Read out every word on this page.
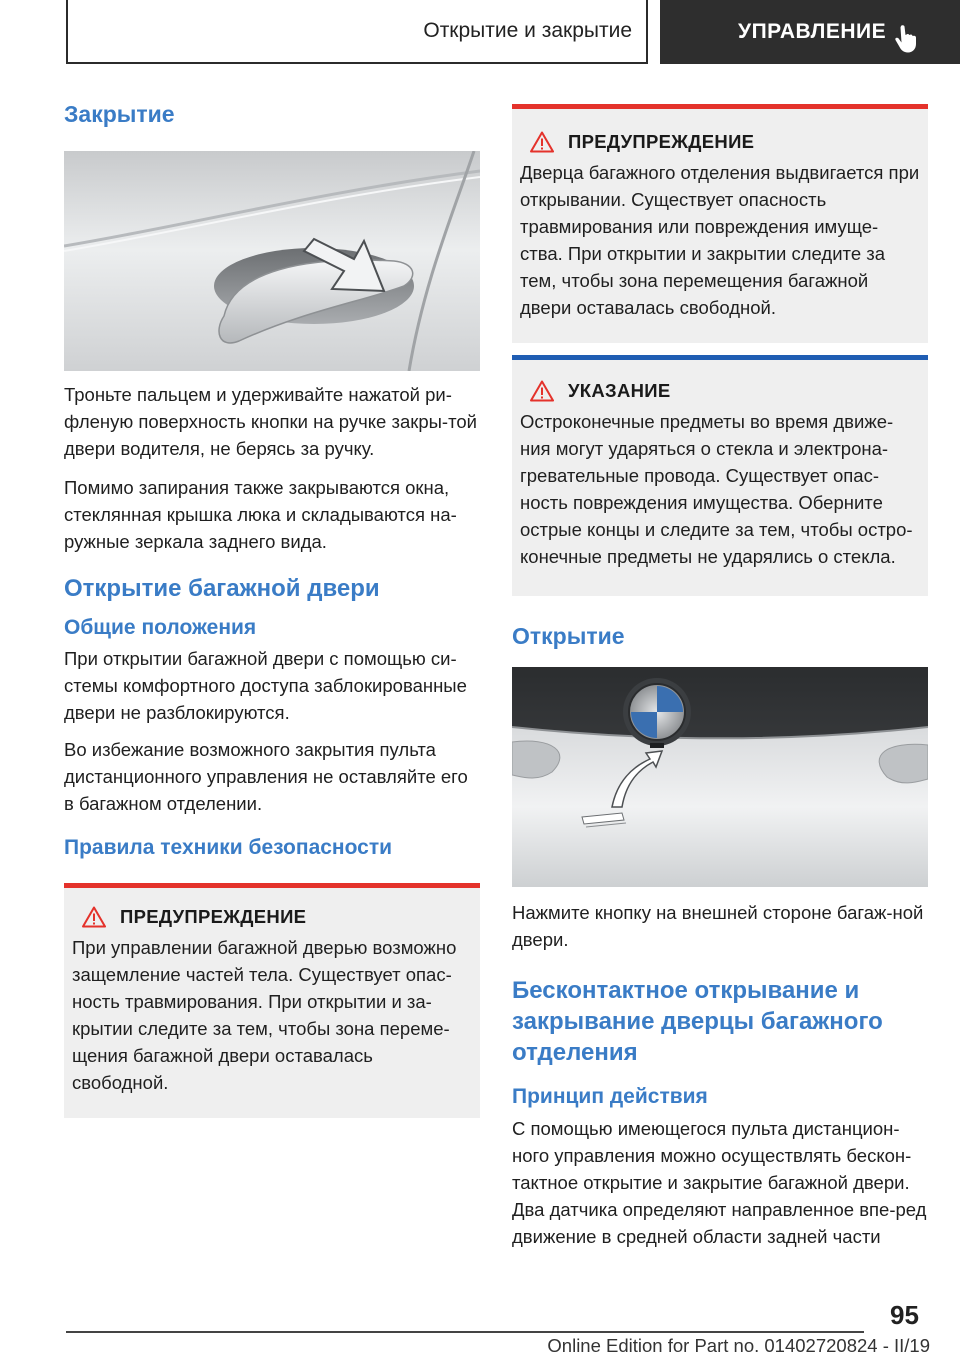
Открытие и закрытие	УПРАВЛЕНИЕ
Закрытие

Троньте пальцем и удерживайте нажатой ри-фленую поверхность кнопки на ручке закры-той двери водителя, не берясь за ручку.

Помимо запирания также закрываются окна, стеклянная крышка люка и складываются на-ружные зеркала заднего вида.

Открытие багажной двери
Общие положения

При открытии багажной двери с помощью си-стемы комфортного доступа заблокированные двери не разблокируются.

Во избежание возможного закрытия пульта дистанционного управления не оставляйте его в багажном отделении.

Правила техники безопасности
ПРЕДУПРЕЖДЕНИЕ

При управлении багажной дверью возможно защемление частей тела. Существует опас-ность травмирования. При открытии и за-крытии следите за тем, чтобы зона переме-щения багажной двери оставалась свободной.

ПРЕДУПРЕЖДЕНИЕ

Дверца багажного отделения выдвигается при открывании. Существует опасность травмирования или повреждения имуще-ства. При открытии и закрытии следите за тем, чтобы зона перемещения багажной двери оставалась свободной.

УКАЗАНИЕ

Остроконечные предметы во время движе-ния могут ударяться о стекла и электрона-гревательные провода. Существует опас-ность повреждения имущества. Оберните острые концы и следите за тем, чтобы остро-конечные предметы не ударялись о стекла.

Открытие

Нажмите кнопку на внешней стороне багаж-ной двери.

Бесконтактное открывание и закрывание дверцы багажного отделения
Принцип действия

С помощью имеющегося пульта дистанцион-ного управления можно осуществлять бескон-тактное открытие и закрытие багажной двери. Два датчика определяют направленное впе-ред движение в средней области задней части

95
Online Edition for Part no. 01402720824 - II/19
